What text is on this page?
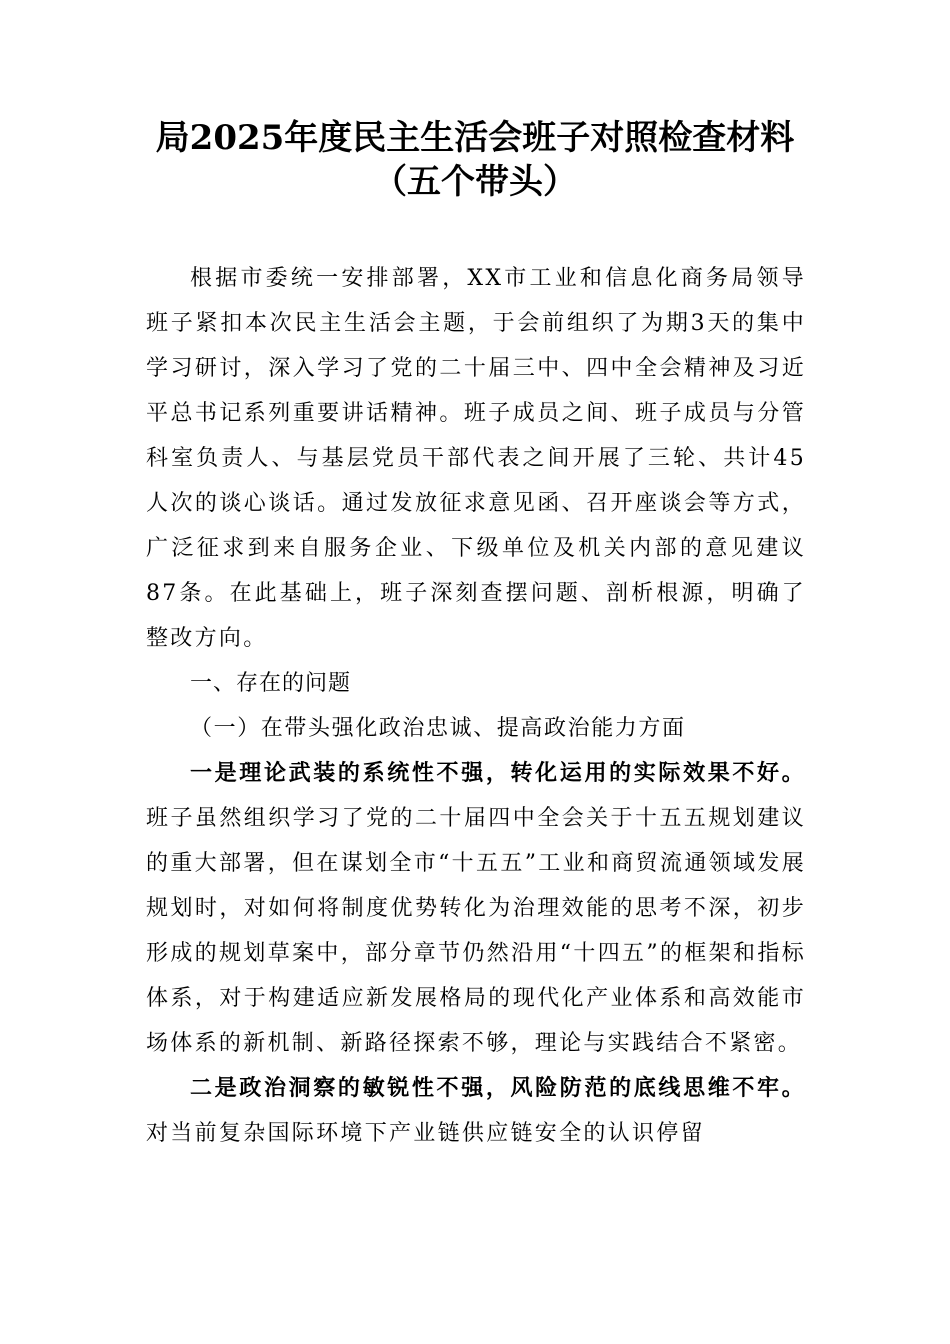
局2025年度民主生活会班子对照检查材料
（五个带头）

根据市委统一安排部署，XX市工业和信息化商务局领导班子紧扣本次民主生活会主题，于会前组织了为期3天的集中学习研讨，深入学习了党的二十届三中、四中全会精神及习近平总书记系列重要讲话精神。班子成员之间、班子成员与分管科室负责人、与基层党员干部代表之间开展了三轮、共计45人次的谈心谈话。通过发放征求意见函、召开座谈会等方式，广泛征求到来自服务企业、下级单位及机关内部的意见建议87条。在此基础上，班子深刻查摆问题、剖析根源，明确了整改方向。

一、存在的问题

（一）在带头强化政治忠诚、提高政治能力方面

一是理论武装的系统性不强，转化运用的实际效果不好。班子虽然组织学习了党的二十届四中全会关于十五五规划建议的重大部署，但在谋划全市“十五五”工业和商贸流通领域发展规划时，对如何将制度优势转化为治理效能的思考不深，初步形成的规划草案中，部分章节仍然沿用“十四五”的框架和指标体系，对于构建适应新发展格局的现代化产业体系和高效能市场体系的新机制、新路径探索不够，理论与实践结合不紧密。

二是政治洞察的敏锐性不强，风险防范的底线思维不牢。对当前复杂国际环境下产业链供应链安全的认识停留
